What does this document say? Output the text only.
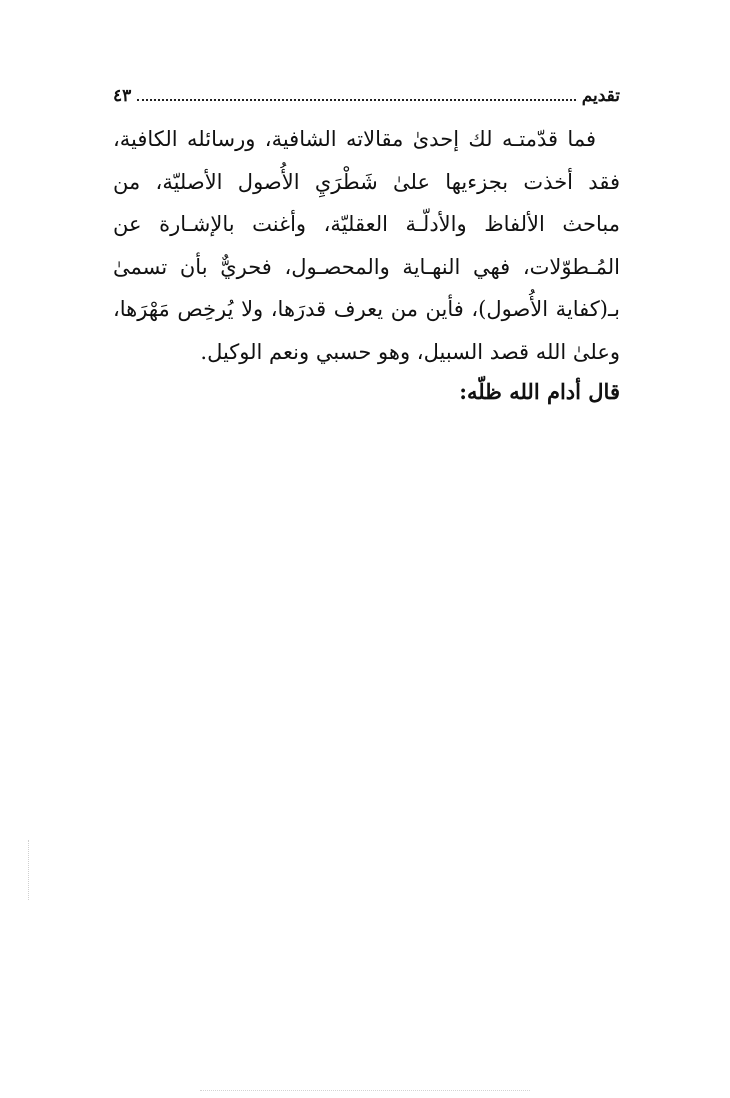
تقديم
٤٣

فما قدّمتـه لك إحدىٰ مقالاته الشافية، ورسائله الكافية، فقد أخذت بجزءيها علىٰ شَطْرَيِ الأُصول الأصليّة، من مباحث الألفاظ والأدلّـة العقليّة، وأغنت بالإشـارة عن المُـطوّلات، فهي النهـاية والمحصـول، فحريٌّ بأن تسمىٰ بـ(كفاية الأُصول)، فأين من يعرف قدرَها، ولا يُرخِص مَهْرَها، وعلىٰ الله قصد السبيل، وهو حسبي ونعم الوكيل.

قال أدام الله ظلّه:
